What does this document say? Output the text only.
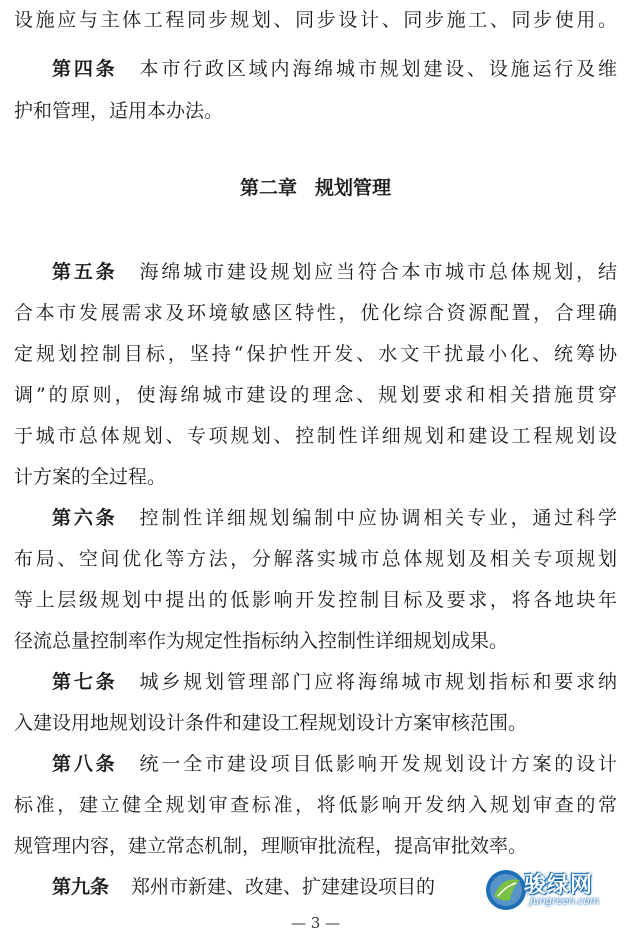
设施应与主体工程同步规划、同步设计、同步施工、同步使用。
第四条 本市行政区域内海绵城市规划建设、设施运行及维
护和管理，适用本办法。
第二章 规划管理
第五条 海绵城市建设规划应当符合本市城市总体规划，结
合本市发展需求及环境敏感区特性，优化综合资源配置，合理确
定规划控制目标，坚持“保护性开发、水文干扰最小化、统筹协
调”的原则，使海绵城市建设的理念、规划要求和相关措施贯穿
于城市总体规划、专项规划、控制性详细规划和建设工程规划设
计方案的全过程。
第六条 控制性详细规划编制中应协调相关专业，通过科学
布局、空间优化等方法，分解落实城市总体规划及相关专项规划
等上层级规划中提出的低影响开发控制目标及要求，将各地块年
径流总量控制率作为规定性指标纳入控制性详细规划成果。
第七条 城乡规划管理部门应将海绵城市规划指标和要求纳
入建设用地规划设计条件和建设工程规划设计方案审核范围。
第八条 统一全市建设项目低影响开发规划设计方案的设计
标准，建立健全规划审查标准，将低影响开发纳入规划审查的常
规管理内容，建立常态机制，理顺审批流程，提高审批效率。
第九条 郑州市新建、改建、扩建建设项目的	骏绿网
Jungreen.com
— 3 —
